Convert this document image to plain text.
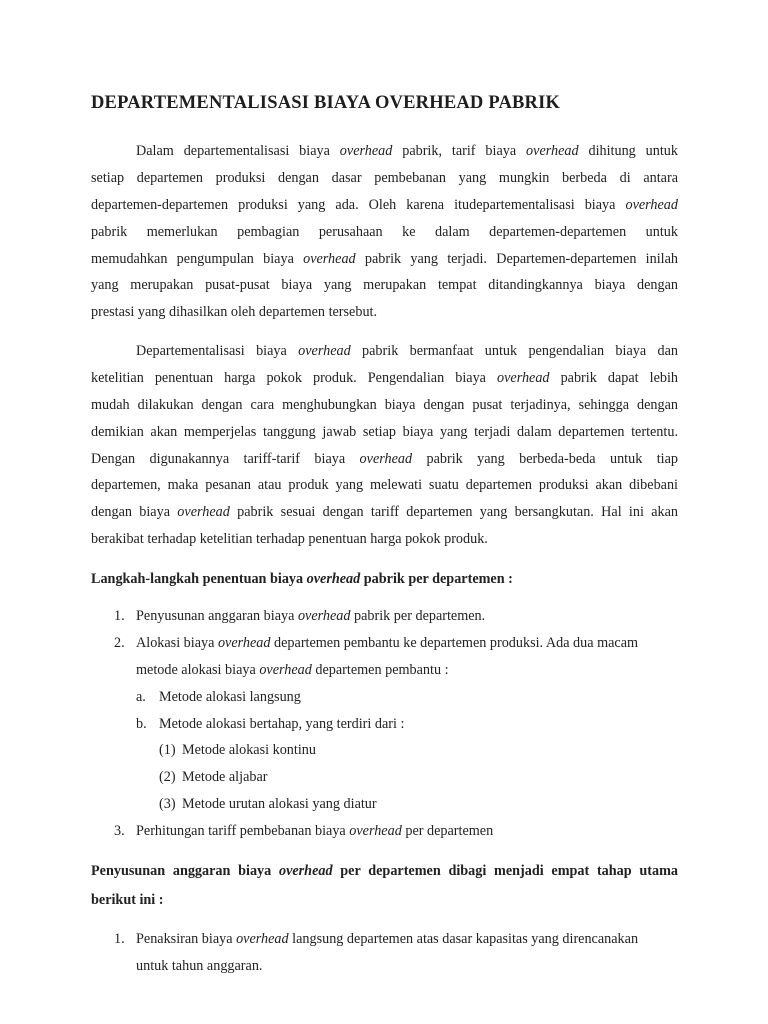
DEPARTEMENTALISASI BIAYA OVERHEAD PABRIK
Dalam departementalisasi biaya overhead pabrik, tarif biaya overhead dihitung untuk
setiap departemen produksi dengan dasar pembebanan yang mungkin berbeda di antara
departemen-departemen produksi yang ada. Oleh karena itudepartementalisasi biaya overhead
pabrik memerlukan pembagian perusahaan ke dalam departemen-departemen untuk
memudahkan pengumpulan biaya overhead pabrik yang terjadi. Departemen-departemen inilah
yang merupakan pusat-pusat biaya yang merupakan tempat ditandingkannya biaya dengan
prestasi yang dihasilkan oleh departemen tersebut.
Departementalisasi biaya overhead pabrik bermanfaat untuk pengendalian biaya dan
ketelitian penentuan harga pokok produk. Pengendalian biaya overhead pabrik dapat lebih
mudah dilakukan dengan cara menghubungkan biaya dengan pusat terjadinya, sehingga dengan
demikian akan memperjelas tanggung jawab setiap biaya yang terjadi dalam departemen tertentu.
Dengan digunakannya tariff-tarif biaya overhead pabrik yang berbeda-beda untuk tiap
departemen, maka pesanan atau produk yang melewati suatu departemen produksi akan dibebani
dengan biaya overhead pabrik sesuai dengan tariff departemen yang bersangkutan. Hal ini akan
berakibat terhadap ketelitian terhadap penentuan harga pokok produk.

Langkah-langkah penentuan biaya overhead pabrik per departemen :

Penyusunan anggaran biaya overhead pabrik per departemen.

1.

Alokasi biaya overhead departemen pembantu ke departemen produksi. Ada dua macam

metode alokasi biaya overhead departemen pembantu :

2.

Metode alokasi langsung

a.

Metode alokasi bertahap, yang terdiri dari :

b.

Metode alokasi kontinu

(1)

Metode aljabar

(2)

Metode urutan alokasi yang diatur

(3)

Perhitungan tariff pembebanan biaya overhead per departemen

3.

Penyusunan anggaran biaya overhead per departemen dibagi menjadi empat tahap utama
berikut ini :

Penaksiran biaya overhead langsung departemen atas dasar kapasitas yang direncanakan

untuk tahun anggaran.

1.
